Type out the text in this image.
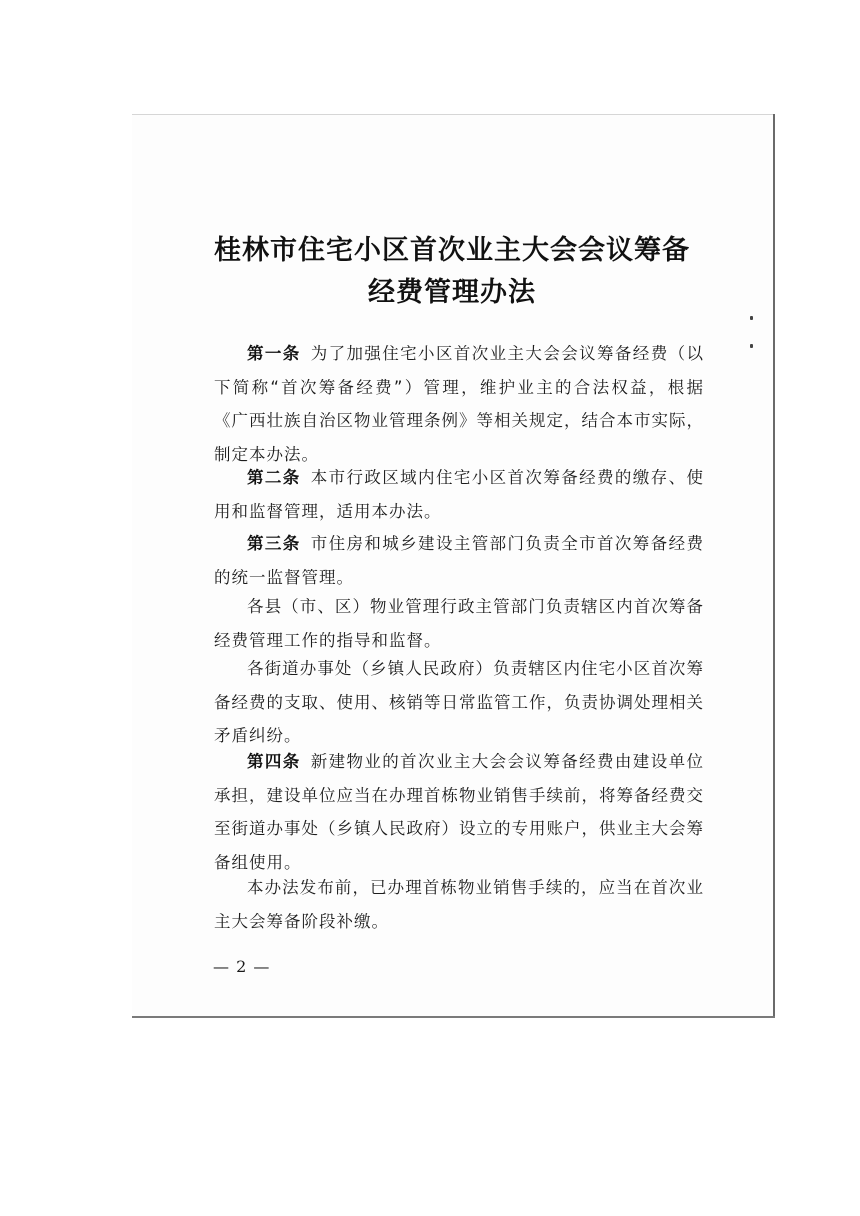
桂林市住宅小区首次业主大会会议筹备
经费管理办法

第一条 为了加强住宅小区首次业主大会会议筹备经费（以下简称“首次筹备经费”）管理，维护业主的合法权益，根据《广西壮族自治区物业管理条例》等相关规定，结合本市实际，制定本办法。

第二条 本市行政区域内住宅小区首次筹备经费的缴存、使用和监督管理，适用本办法。

第三条 市住房和城乡建设主管部门负责全市首次筹备经费的统一监督管理。

各县（市、区）物业管理行政主管部门负责辖区内首次筹备经费管理工作的指导和监督。

各街道办事处（乡镇人民政府）负责辖区内住宅小区首次筹备经费的支取、使用、核销等日常监管工作，负责协调处理相关矛盾纠纷。

第四条 新建物业的首次业主大会会议筹备经费由建设单位承担，建设单位应当在办理首栋物业销售手续前，将筹备经费交至街道办事处（乡镇人民政府）设立的专用账户，供业主大会筹备组使用。

本办法发布前，已办理首栋物业销售手续的，应当在首次业主大会筹备阶段补缴。

— 2 —
